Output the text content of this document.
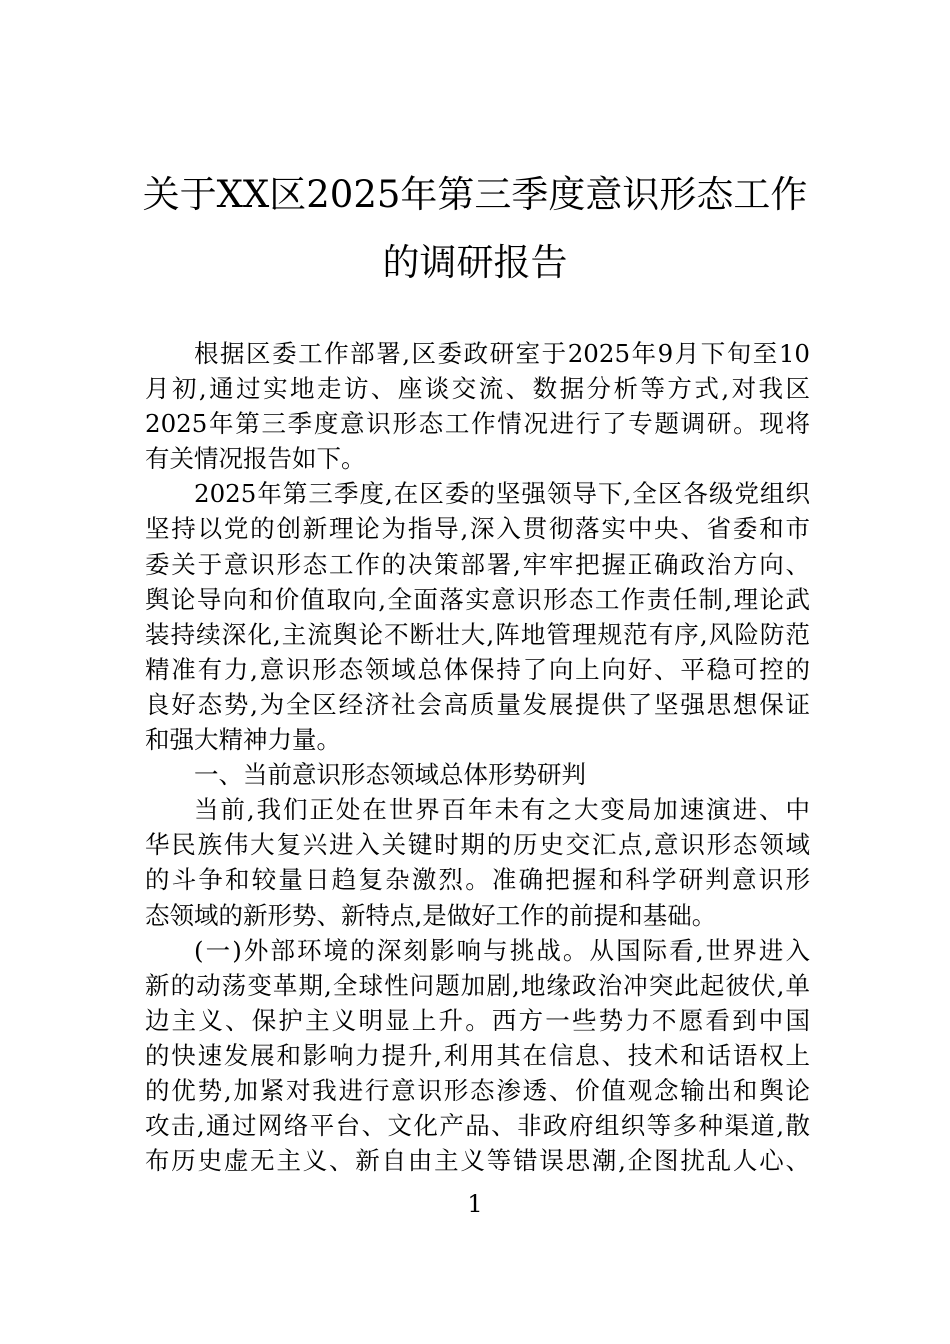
关于XX区2025年第三季度意识形态工作
的调研报告
根据区委工作部署,区委政研室于2025年9月下旬至10
月初,通过实地走访、座谈交流、数据分析等方式,对我区
2025年第三季度意识形态工作情况进行了专题调研。现将
有关情况报告如下。
2025年第三季度,在区委的坚强领导下,全区各级党组织
坚持以党的创新理论为指导,深入贯彻落实中央、省委和市
委关于意识形态工作的决策部署,牢牢把握正确政治方向、
舆论导向和价值取向,全面落实意识形态工作责任制,理论武
装持续深化,主流舆论不断壮大,阵地管理规范有序,风险防范
精准有力,意识形态领域总体保持了向上向好、平稳可控的
良好态势,为全区经济社会高质量发展提供了坚强思想保证
和强大精神力量。
一、当前意识形态领域总体形势研判
当前,我们正处在世界百年未有之大变局加速演进、中
华民族伟大复兴进入关键时期的历史交汇点,意识形态领域
的斗争和较量日趋复杂激烈。准确把握和科学研判意识形
态领域的新形势、新特点,是做好工作的前提和基础。
(一)外部环境的深刻影响与挑战。从国际看,世界进入
新的动荡变革期,全球性问题加剧,地缘政治冲突此起彼伏,单
边主义、保护主义明显上升。西方一些势力不愿看到中国
的快速发展和影响力提升,利用其在信息、技术和话语权上
的优势,加紧对我进行意识形态渗透、价值观念输出和舆论
攻击,通过网络平台、文化产品、非政府组织等多种渠道,散
布历史虚无主义、新自由主义等错误思潮,企图扰乱人心、
1
